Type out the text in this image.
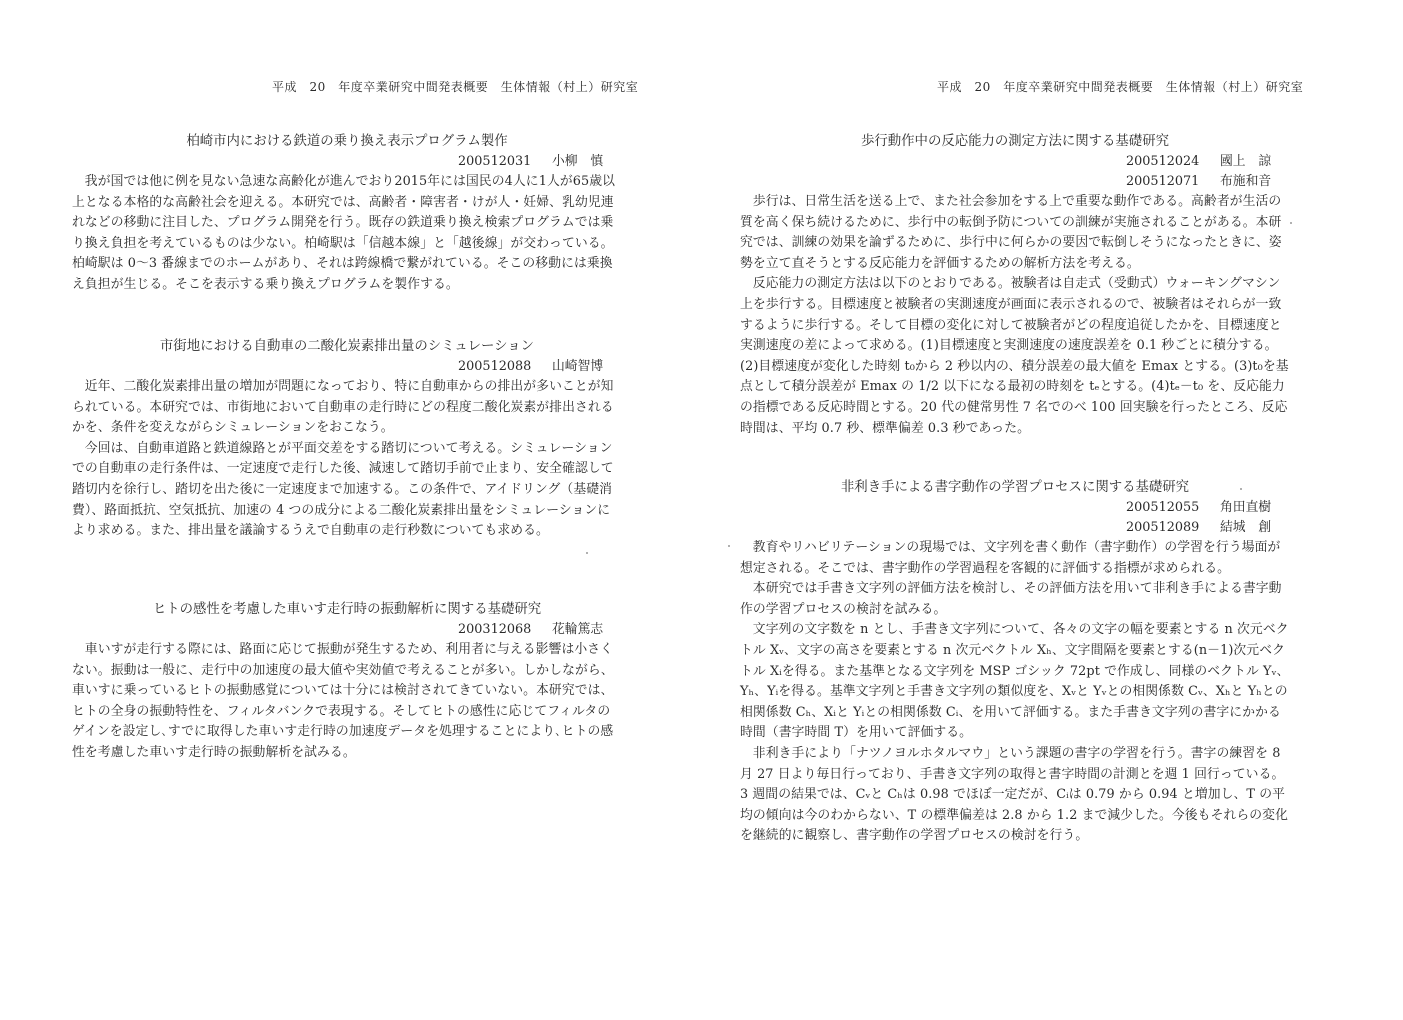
平成　20　年度卒業研究中間発表概要　生体情報（村上）研究室
柏崎市内における鉄道の乗り換え表示プログラム製作
200512031	小柳　慎

我が国では他に例を見ない急速な高齢化が進んでおり2015年には国民の4人に1人が65歳以上となる本格的な高齢社会を迎える。本研究では、高齢者・障害者・けが人・妊婦、乳幼児連れなどの移動に注目した、プログラム開発を行う。既存の鉄道乗り換え検索プログラムでは乗り換え負担を考えているものは少ない。柏崎駅は「信越本線」と「越後線」が交わっている。柏崎駅は 0～3 番線までのホームがあり、それは跨線橋で繋がれている。そこの移動には乗換え負担が生じる。そこを表示する乗り換えプログラムを製作する。

市街地における自動車の二酸化炭素排出量のシミュレーション
200512088	山崎智博

近年、二酸化炭素排出量の増加が問題になっており、特に自動車からの排出が多いことが知られている。本研究では、市街地において自動車の走行時にどの程度二酸化炭素が排出されるかを、条件を変えながらシミュレーションをおこなう。

今回は、自動車道路と鉄道線路とが平面交差をする踏切について考える。シミュレーションでの自動車の走行条件は、一定速度で走行した後、減速して踏切手前で止まり、安全確認して踏切内を徐行し、踏切を出た後に一定速度まで加速する。この条件で、アイドリング（基礎消費）、路面抵抗、空気抵抗、加速の 4 つの成分による二酸化炭素排出量をシミュレーションにより求める。また、排出量を議論するうえで自動車の走行秒数についても求める。

ヒトの感性を考慮した車いす走行時の振動解析に関する基礎研究
200312068	花輪篤志

車いすが走行する際には、路面に応じて振動が発生するため、利用者に与える影響は小さくない。振動は一般に、走行中の加速度の最大値や実効値で考えることが多い。しかしながら、車いすに乗っているヒトの振動感覚については十分には検討されてきていない。本研究では、ヒトの全身の振動特性を、フィルタバンクで表現する。そしてヒトの感性に応じてフィルタのゲインを設定し､すでに取得した車いす走行時の加速度データを処理することにより､ヒトの感性を考慮した車いす走行時の振動解析を試みる。

平成　20　年度卒業研究中間発表概要　生体情報（村上）研究室
歩行動作中の反応能力の測定方法に関する基礎研究
200512024	國上　諒
200512071	布施和音

歩行は、日常生活を送る上で、また社会参加をする上で重要な動作である。高齢者が生活の質を高く保ち続けるために、歩行中の転倒予防についての訓練が実施されることがある。本研究では、訓練の効果を論ずるために、歩行中に何らかの要因で転倒しそうになったときに、姿勢を立て直そうとする反応能力を評価するための解析方法を考える。

反応能力の測定方法は以下のとおりである。被験者は自走式（受動式）ウォーキングマシン上を歩行する。目標速度と被験者の実測速度が画面に表示されるので、被験者はそれらが一致するように歩行する。そして目標の変化に対して被験者がどの程度追従したかを、目標速度と実測速度の差によって求める。(1)目標速度と実測速度の速度誤差を 0.1 秒ごとに積分する。(2)目標速度が変化した時刻 t₀から 2 秒以内の、積分誤差の最大値を Emax とする。(3)t₀を基点として積分誤差が Emax の 1/2 以下になる最初の時刻を tₑとする。(4)tₑ－t₀ を、反応能力の指標である反応時間とする。20 代の健常男性 7 名でのべ 100 回実験を行ったところ、反応時間は、平均 0.7 秒、標準偏差 0.3 秒であった。

非利き手による書字動作の学習プロセスに関する基礎研究
200512055	角田直樹
200512089	結城　創

教育やリハビリテーションの現場では、文字列を書く動作（書字動作）の学習を行う場面が想定される。そこでは、書字動作の学習過程を客観的に評価する指標が求められる。

本研究では手書き文字列の評価方法を検討し、その評価方法を用いて非利き手による書字動作の学習プロセスの検討を試みる。

文字列の文字数を n とし、手書き文字列について、各々の文字の幅を要素とする n 次元ベクトル Xᵥ、文字の高さを要素とする n 次元ベクトル Xₕ、文字間隔を要素とする(n－1)次元ベクトル Xᵢを得る。また基準となる文字列を MSP ゴシック 72pt で作成し、同様のベクトル Yᵥ、Yₕ、Yᵢを得る。基準文字列と手書き文字列の類似度を、Xᵥと Yᵥとの相関係数 Cᵥ、Xₕと Yₕとの相関係数 Cₕ、Xᵢと Yᵢとの相関係数 Cᵢ、を用いて評価する。また手書き文字列の書字にかかる時間（書字時間 T）を用いて評価する。

非利き手により「ナツノヨルホタルマウ」という課題の書字の学習を行う。書字の練習を 8 月 27 日より毎日行っており、手書き文字列の取得と書字時間の計測とを週 1 回行っている。3 週間の結果では、Cᵥと Cₕは 0.98 でほぼ一定だが、Cᵢは 0.79 から 0.94 と増加し、T の平均の傾向は今のわからない、T の標準偏差は 2.8 から 1.2 まで減少した。今後もそれらの変化を継続的に観察し、書字動作の学習プロセスの検討を行う。
